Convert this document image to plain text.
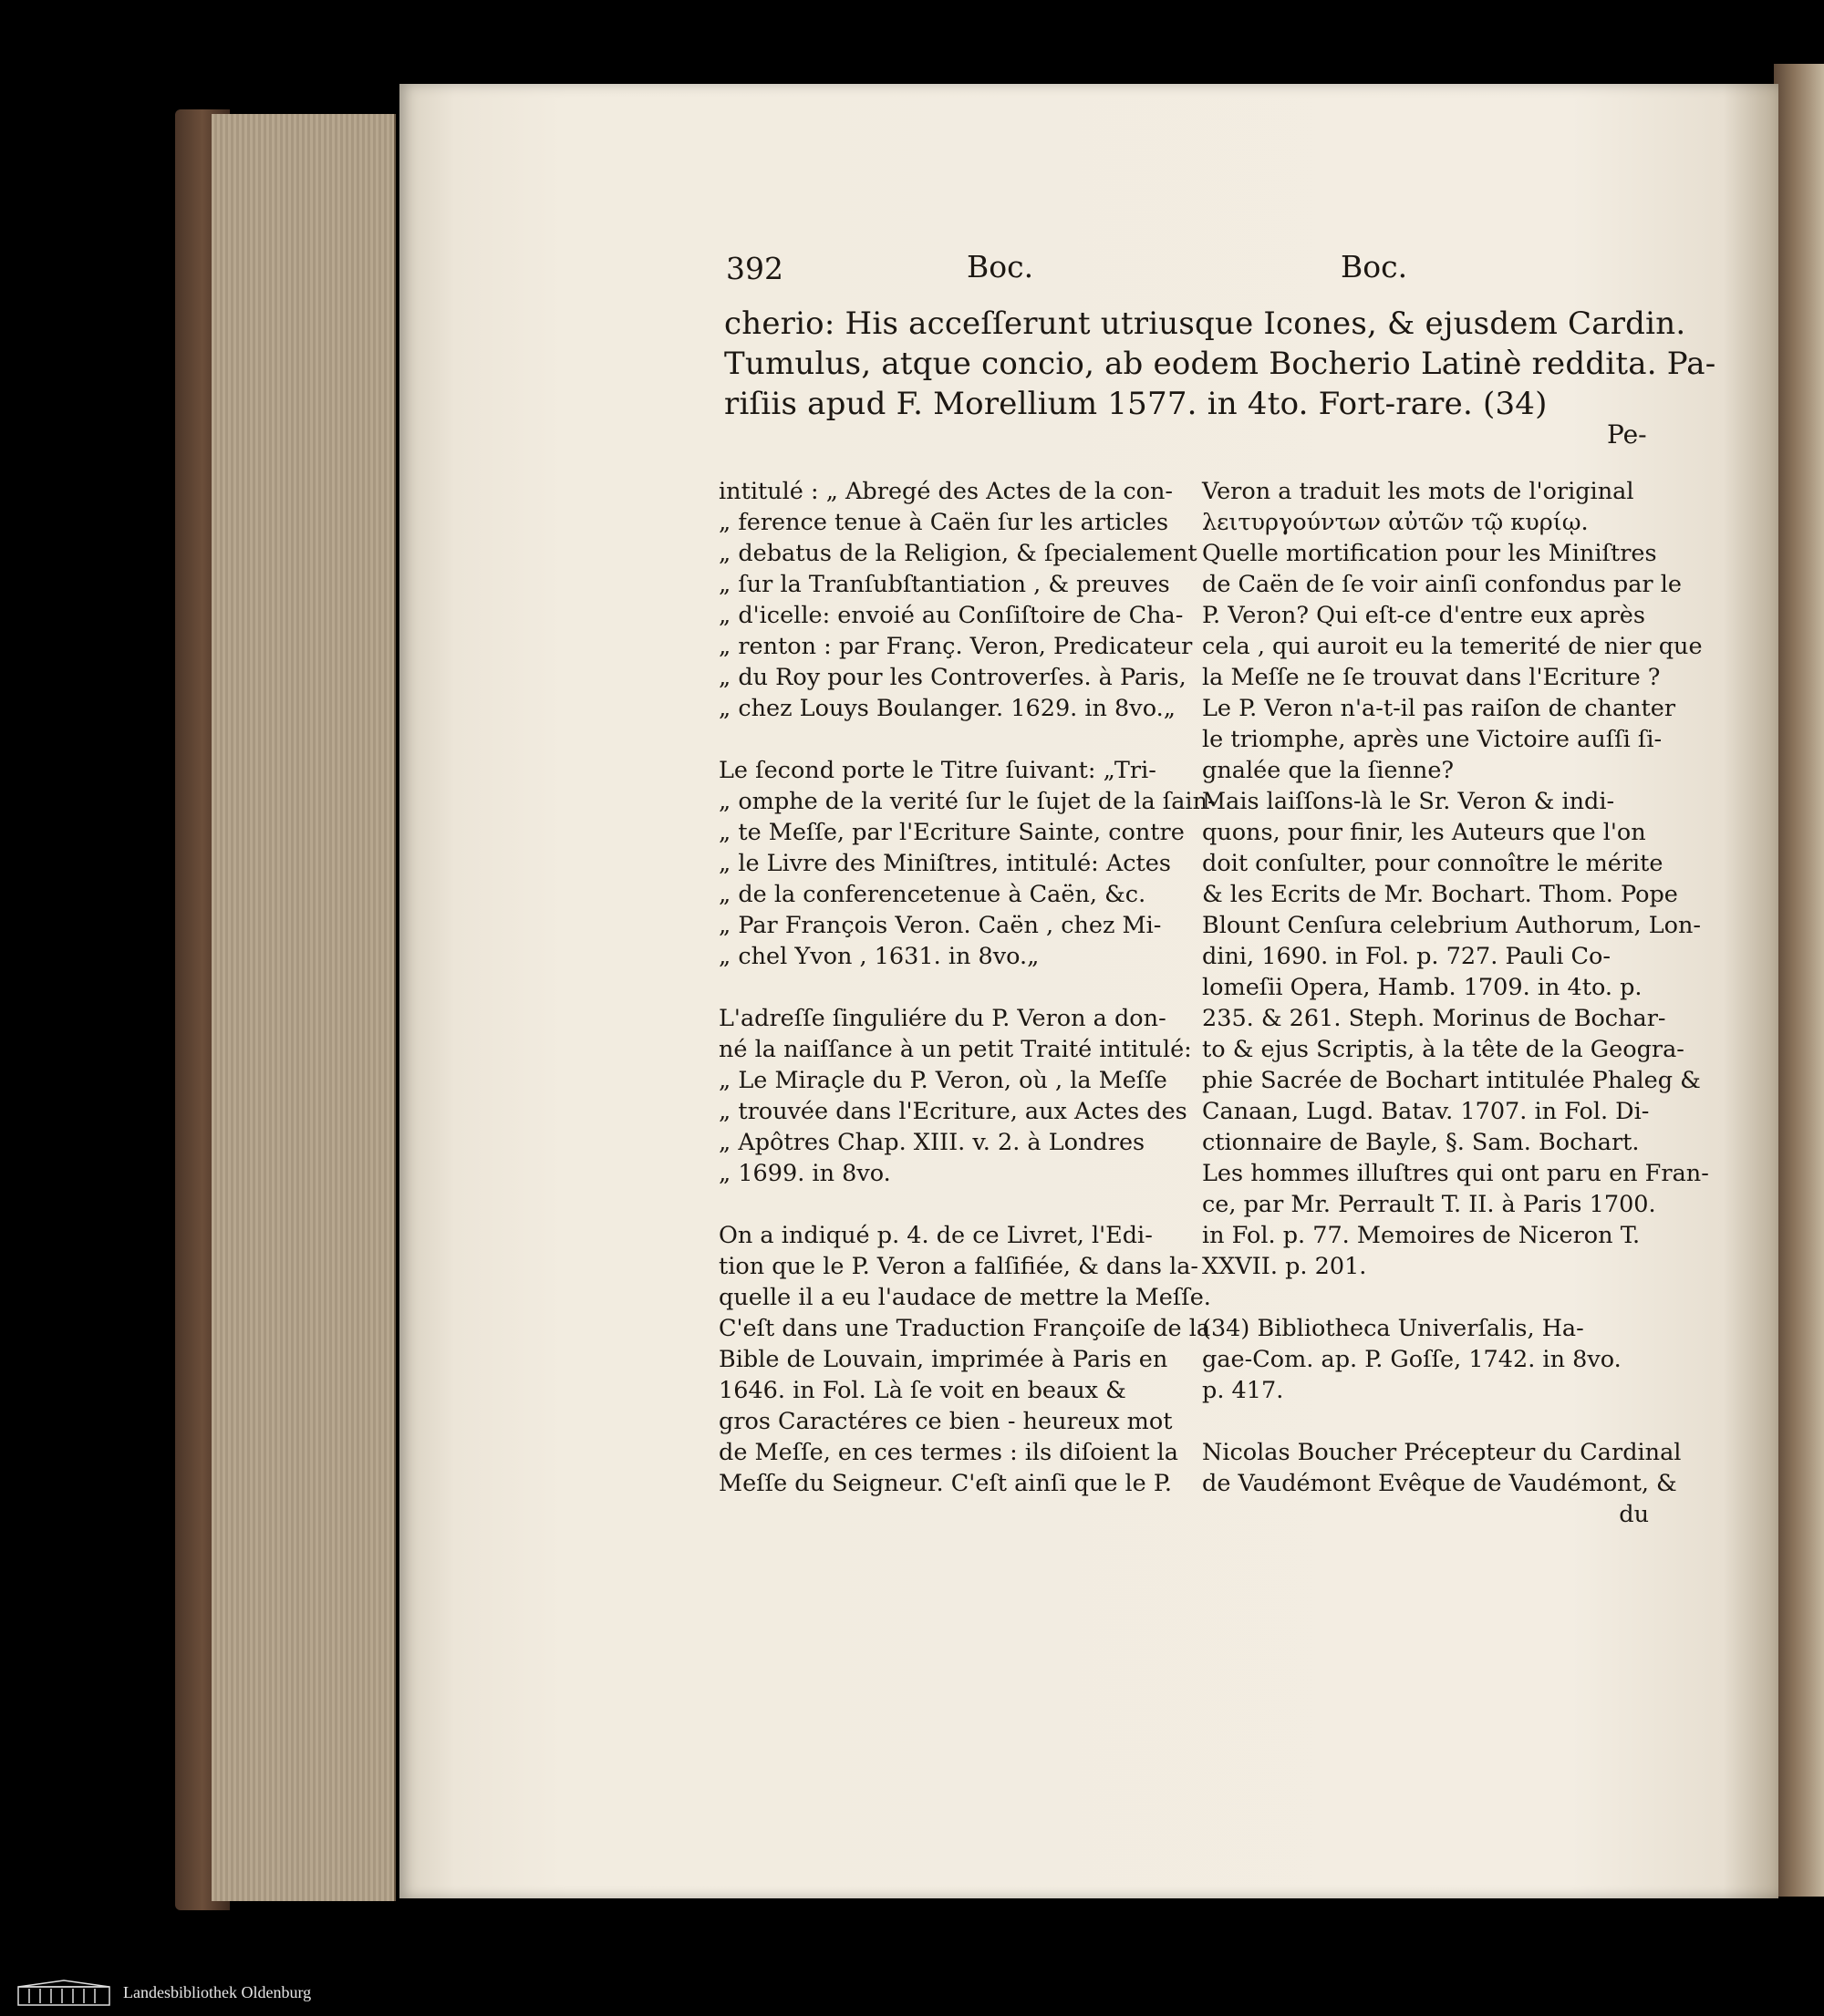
392	Boc.	Boc.
cherio: His acceſſerunt utriusque Icones, & ejusdem Cardin.
Tumulus, atque concio, ab eodem Bocherio Latinè reddita. Pa-
riſiis apud F. Morellium 1577. in 4to. Fort-rare. (34)
Pe-
intitulé : „ Abregé des Actes de la con-
„ ference tenue à Caën ſur les articles
„ debatus de la Religion, & ſpecialement
„ ſur la Tranſubſtantiation , & preuves
„ d'icelle: envoié au Conſiſtoire de Cha-
„ renton : par Franç. Veron, Predicateur
„ du Roy pour les Controverſes. à Paris,
„ chez Louys Boulanger. 1629. in 8vo.„
Le ſecond porte le Titre ſuivant: „Tri-
„ omphe de la verité ſur le ſujet de la ſain-
„ te Meſſe, par l'Ecriture Sainte, contre
„ le Livre des Miniſtres, intitulé: Actes
„ de la conferencetenue à Caën, &c.
„ Par François Veron. Caën , chez Mi-
„ chel Yvon , 1631. in 8vo.„
L'adreſſe ſinguliére du P. Veron a don-
né la naiſſance à un petit Traité intitulé:
„ Le Miraçle du P. Veron, où , la Meſſe
„ trouvée dans l'Ecriture, aux Actes des
„ Apôtres Chap. XIII. v. 2. à Londres
„ 1699. in 8vo.
On a indiqué p. 4. de ce Livret, l'Edi-
tion que le P. Veron a falſifiée, & dans la-
quelle il a eu l'audace de mettre la Meſſe.
C'eſt dans une Traduction Françoiſe de la
Bible de Louvain, imprimée à Paris en
1646. in Fol. Là ſe voit en beaux &
gros Caractéres ce bien - heureux mot
de Meſſe, en ces termes : ils diſoient la
Meſſe du Seigneur. C'eſt ainſi que le P.
Veron a traduit les mots de l'original
λειτυργούντων αὐτῶν τῷ κυρίῳ.
Quelle mortification pour les Miniſtres
de Caën de ſe voir ainſi confondus par le
P. Veron? Qui eſt-ce d'entre eux après
cela , qui auroit eu la temerité de nier que
la Meſſe ne ſe trouvat dans l'Ecriture ?
Le P. Veron n'a-t-il pas raiſon de chanter
le triomphe, après une Victoire auſſi ſi-
gnalée que la ſienne?
Mais laiſſons-là le Sr. Veron & indi-
quons, pour finir, les Auteurs que l'on
doit conſulter, pour connoître le mérite
& les Ecrits de Mr. Bochart. Thom. Pope
Blount Cenſura celebrium Authorum, Lon-
dini, 1690. in Fol. p. 727. Pauli Co-
lomeſii Opera, Hamb. 1709. in 4to. p.
235. & 261. Steph. Morinus de Bochar-
to & ejus Scriptis, à la tête de la Geogra-
phie Sacrée de Bochart intitulée Phaleg &
Canaan, Lugd. Batav. 1707. in Fol. Di-
ctionnaire de Bayle, §. Sam. Bochart.
Les hommes illuſtres qui ont paru en Fran-
ce, par Mr. Perrault T. II. à Paris 1700.
in Fol. p. 77. Memoires de Niceron T.
XXVII. p. 201.
(34) Bibliotheca Univerſalis, Ha-
gae-Com. ap. P. Goſſe, 1742. in 8vo.
p. 417.
Nicolas Boucher Précepteur du Cardinal
de Vaudémont Evêque de Vaudémont, &
du
Landesbibliothek Oldenburg
